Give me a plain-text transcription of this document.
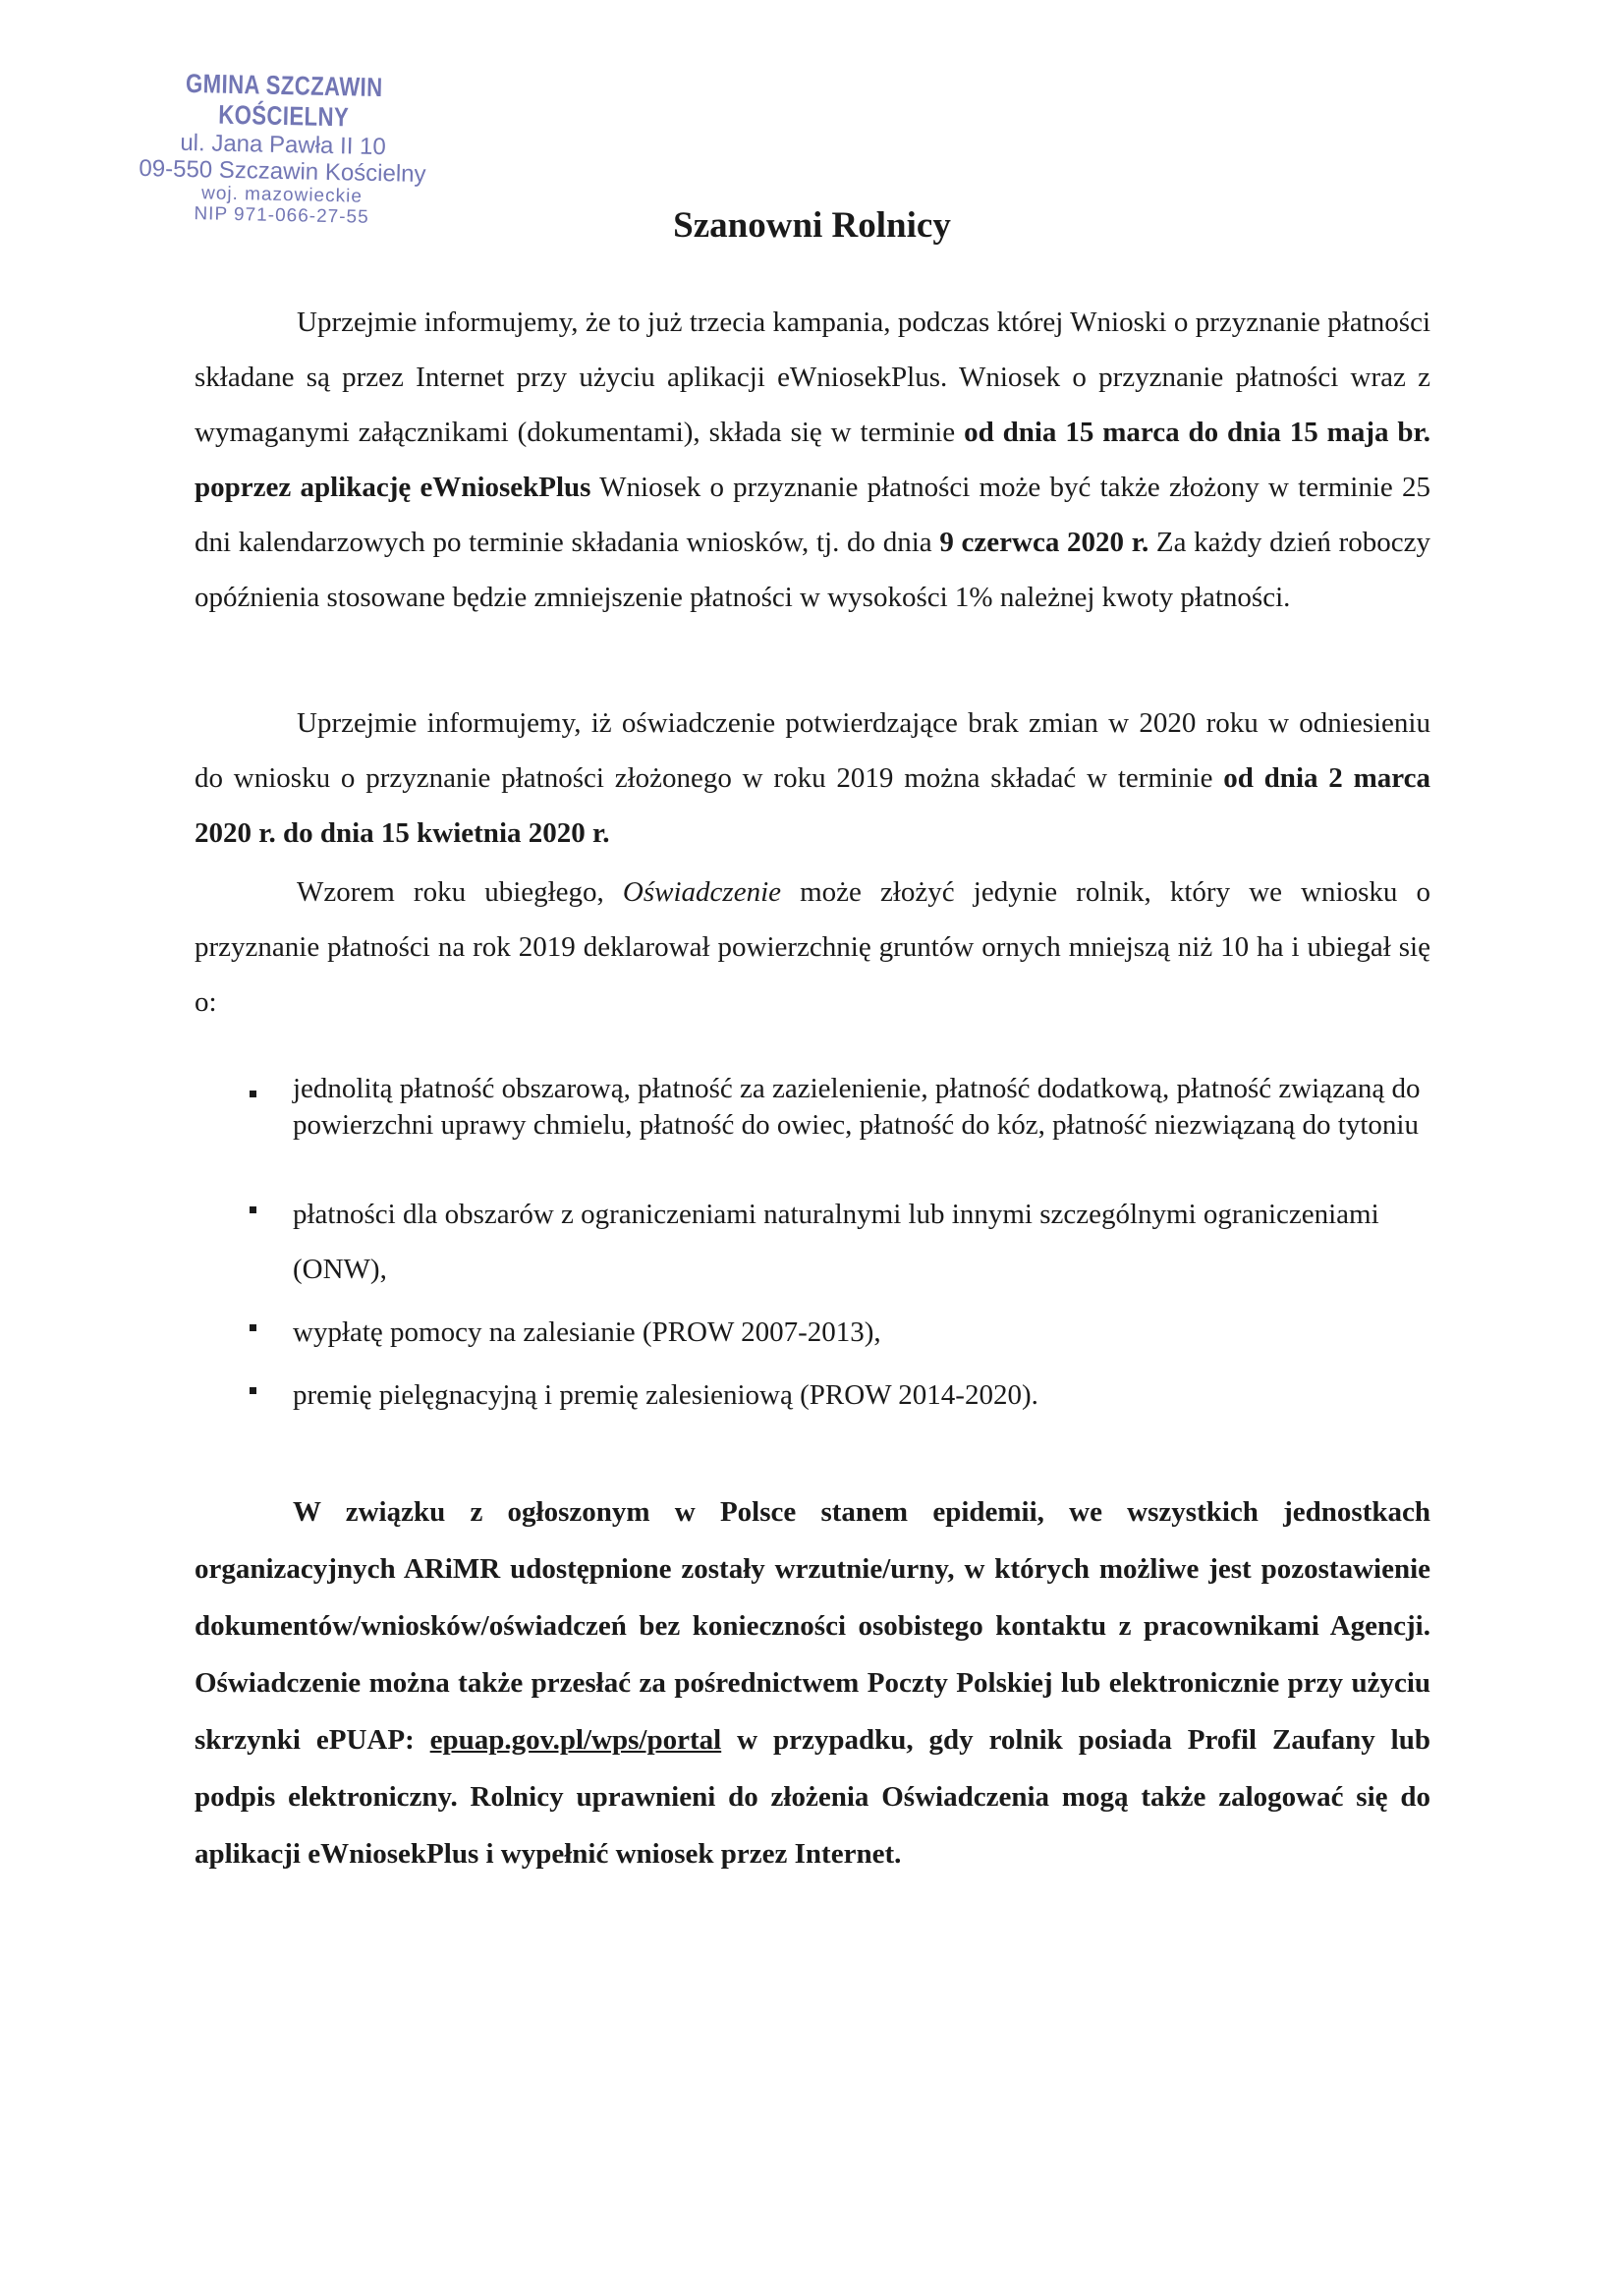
GMINA SZCZAWIN KOŚCIELNY
ul. Jana Pawła II 10
09-550 Szczawin Kościelny
woj. mazowieckie
NIP 971-066-27-55	Szanowni Rolnicy

Uprzejmie informujemy, że to już trzecia kampania, podczas której Wnioski o przyznanie płatności składane są przez Internet przy użyciu aplikacji eWniosekPlus. Wniosek o przyznanie płatności wraz z wymaganymi załącznikami (dokumentami), składa się w terminie od dnia 15 marca do dnia 15 maja br. poprzez aplikację eWniosekPlus Wniosek o przyznanie płatności może być także złożony w terminie 25 dni kalendarzowych po terminie składania wniosków, tj. do dnia 9 czerwca 2020 r. Za każdy dzień roboczy opóźnienia stosowane będzie zmniejszenie płatności w wysokości 1% należnej kwoty płatności.

Uprzejmie informujemy, iż oświadczenie potwierdzające brak zmian w 2020 roku w odniesieniu do wniosku o przyznanie płatności złożonego w roku 2019 można składać w terminie od dnia 2 marca 2020 r. do dnia 15 kwietnia 2020 r.

Wzorem roku ubiegłego, Oświadczenie może złożyć jedynie rolnik, który we wniosku o przyznanie płatności na rok 2019 deklarował powierzchnię gruntów ornych mniejszą niż 10 ha i ubiegał się o:

jednolitą płatność obszarową, płatność za zazielenienie, płatność dodatkową, płatność związaną do powierzchni uprawy chmielu, płatność do owiec, płatność do kóz, płatność niezwiązaną do tytoniu
płatności dla obszarów z ograniczeniami naturalnymi lub innymi szczególnymi ograniczeniami (ONW),
wypłatę pomocy na zalesianie (PROW 2007-2013),
premię pielęgnacyjną i premię zalesieniową (PROW 2014-2020).

W związku z ogłoszonym w Polsce stanem epidemii, we wszystkich jednostkach organizacyjnych ARiMR udostępnione zostały wrzutnie/urny, w których możliwe jest pozostawienie dokumentów/wniosków/oświadczeń bez konieczności osobistego kontaktu z pracownikami Agencji. Oświadczenie można także przesłać za pośrednictwem Poczty Polskiej lub elektronicznie przy użyciu skrzynki ePUAP: epuap.gov.pl/wps/portal w przypadku, gdy rolnik posiada Profil Zaufany lub podpis elektroniczny. Rolnicy uprawnieni do złożenia Oświadczenia mogą także zalogować się do aplikacji eWniosekPlus i wypełnić wniosek przez Internet.
